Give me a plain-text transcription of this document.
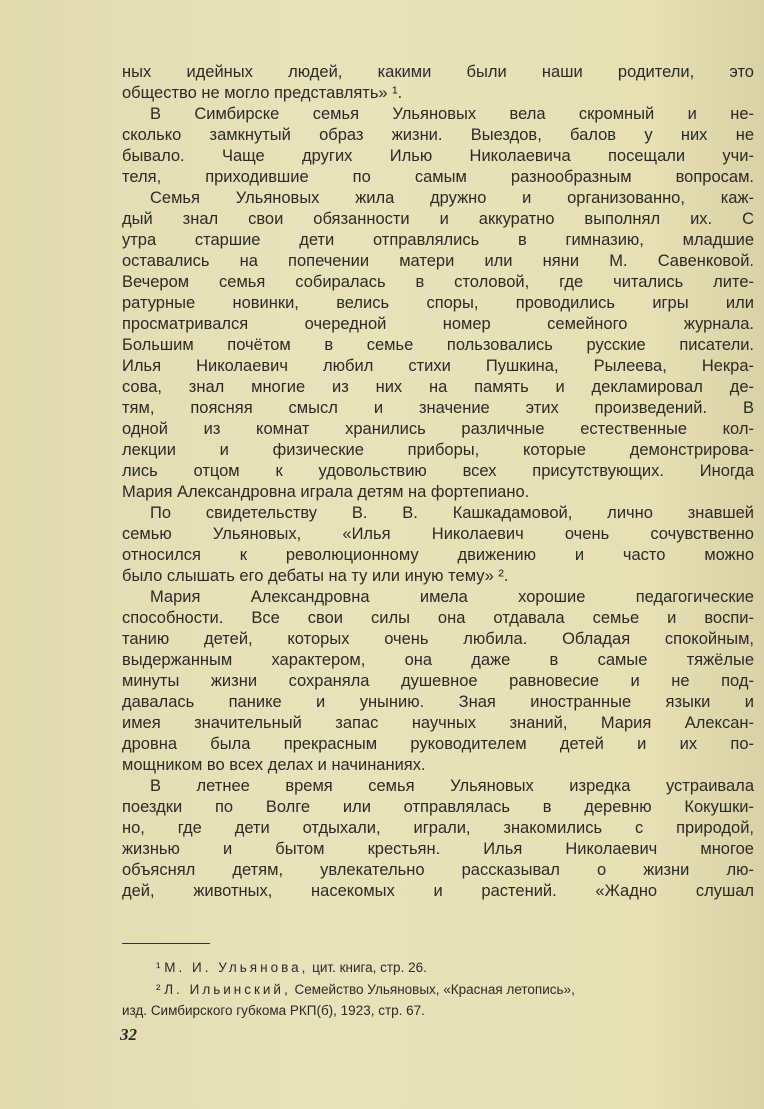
ных идейных людей, какими были наши родители, это
общество не могло представлять» ¹.
В Симбирске семья Ульяновых вела скромный и не-
сколько замкнутый образ жизни. Выездов, балов у них не
бывало. Чаще других Илью Николаевича посещали учи-
теля, приходившие по самым разнообразным вопросам.
Семья Ульяновых жила дружно и организованно, каж-
дый знал свои обязанности и аккуратно выполнял их. С
утра старшие дети отправлялись в гимназию, младшие
оставались на попечении матери или няни М. Савенковой.
Вечером семья собиралась в столовой, где читались лите-
ратурные новинки, велись споры, проводились игры или
просматривался очередной номер семейного журнала.
Большим почётом в семье пользовались русские писатели.
Илья Николаевич любил стихи Пушкина, Рылеева, Некра-
сова, знал многие из них на память и декламировал де-
тям, поясняя смысл и значение этих произведений. В
одной из комнат хранились различные естественные кол-
лекции и физические приборы, которые демонстрирова-
лись отцом к удовольствию всех присутствующих. Иногда
Мария Александровна играла детям на фортепиано.
По свидетельству В. В. Кашкадамовой, лично знавшей
семью Ульяновых, «Илья Николаевич очень сочувственно
относился к революционному движению и часто можно
было слышать его дебаты на ту или иную тему» ².
Мария Александровна имела хорошие педагогические
способности. Все свои силы она отдавала семье и воспи-
танию детей, которых очень любила. Обладая спокойным,
выдержанным характером, она даже в самые тяжёлые
минуты жизни сохраняла душевное равновесие и не под-
давалась панике и унынию. Зная иностранные языки и
имея значительный запас научных знаний, Мария Алексан-
дровна была прекрасным руководителем детей и их по-
мощником во всех делах и начинаниях.
В летнее время семья Ульяновых изредка устраивала
поездки по Волге или отправлялась в деревню Кокушки-
но, где дети отдыхали, играли, знакомились с природой,
жизнью и бытом крестьян. Илья Николаевич многое
объяснял детям, увлекательно рассказывал о жизни лю-
дей, животных, насекомых и растений. «Жадно слушал
¹ М. И. Ульянова, цит. книга, стр. 26.
² Л. Ильинский, Семейство Ульяновых, «Красная летопись»,
изд. Симбирского губкома РКП(б), 1923, стр. 67.
32
